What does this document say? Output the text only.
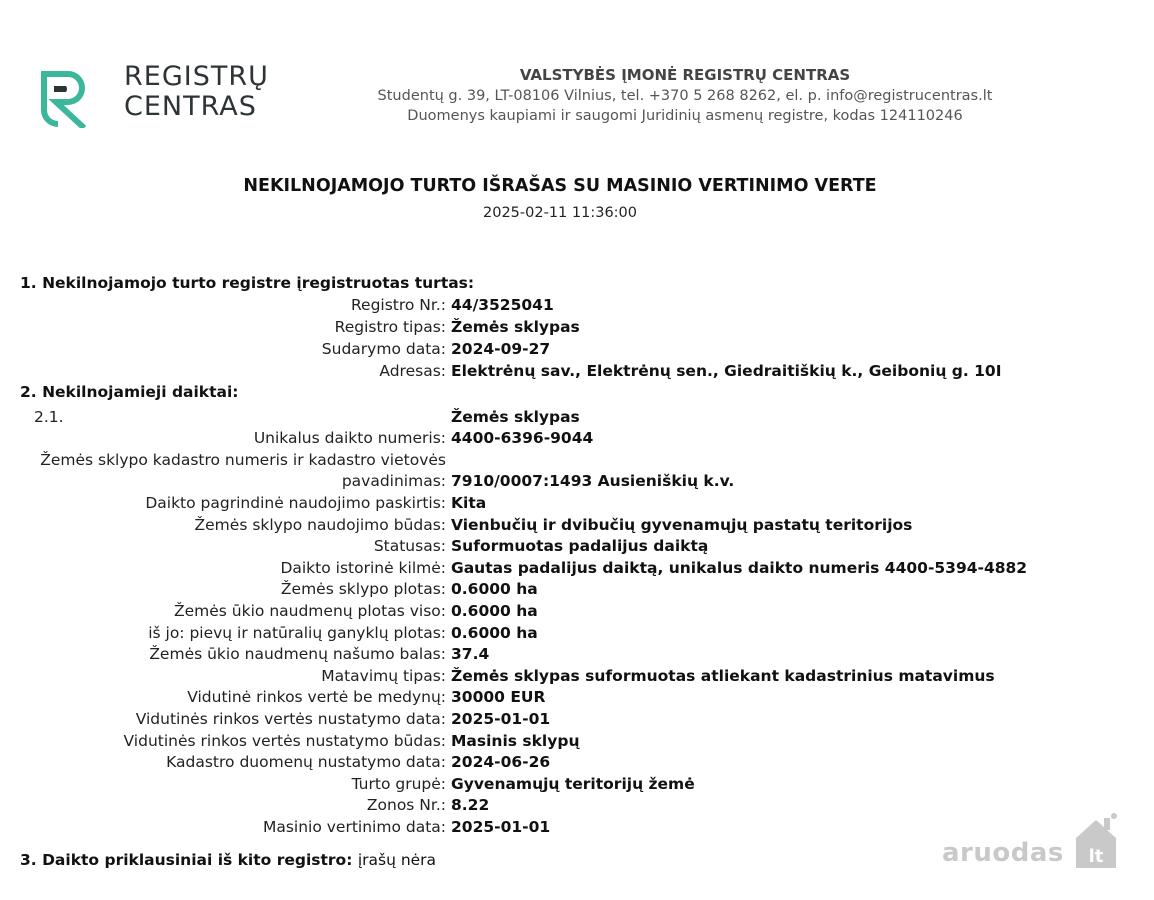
REGISTRŲ
CENTRAS
VALSTYBĖS ĮMONĖ REGISTRŲ CENTRAS
Studentų g. 39, LT-08106 Vilnius, tel. +370 5 268 8262, el. p. info@registrucentras.lt
Duomenys kaupiami ir saugomi Juridinių asmenų registre, kodas 124110246
NEKILNOJAMOJO TURTO IŠRAŠAS SU MASINIO VERTINIMO VERTE
2025-02-11 11:36:00
1. Nekilnojamojo turto registre įregistruotas turtas:
Registro Nr.: 44/3525041
Registro tipas: Žemės sklypas
Sudarymo data: 2024-09-27
Adresas: Elektrėnų sav., Elektrėnų sen., Giedraitiškių k., Geibonių g. 10I
2. Nekilnojamieji daiktai:
2.1.	Žemės sklypas
Unikalus daikto numeris: 4400-6396-9044
Žemės sklypo kadastro numeris ir kadastro vietovės
pavadinimas: 7910/0007:1493 Ausieniškių k.v.
Daikto pagrindinė naudojimo paskirtis: Kita
Žemės sklypo naudojimo būdas: Vienbučių ir dvibučių gyvenamųjų pastatų teritorijos
Statusas: Suformuotas padalijus daiktą
Daikto istorinė kilmė: Gautas padalijus daiktą, unikalus daikto numeris 4400-5394-4882
Žemės sklypo plotas: 0.6000 ha
Žemės ūkio naudmenų plotas viso: 0.6000 ha
iš jo: pievų ir natūralių ganyklų plotas: 0.6000 ha
Žemės ūkio naudmenų našumo balas: 37.4
Matavimų tipas: Žemės sklypas suformuotas atliekant kadastrinius matavimus
Vidutinė rinkos vertė be medynų: 30000 EUR
Vidutinės rinkos vertės nustatymo data: 2025-01-01
Vidutinės rinkos vertės nustatymo būdas: Masinis sklypų
Kadastro duomenų nustatymo data: 2024-06-26
Turto grupė: Gyvenamųjų teritorijų žemė
Zonos Nr.: 8.22
Masinio vertinimo data: 2025-01-01
3. Daikto priklausiniai iš kito registro: įrašų nėra	aruodas lt
